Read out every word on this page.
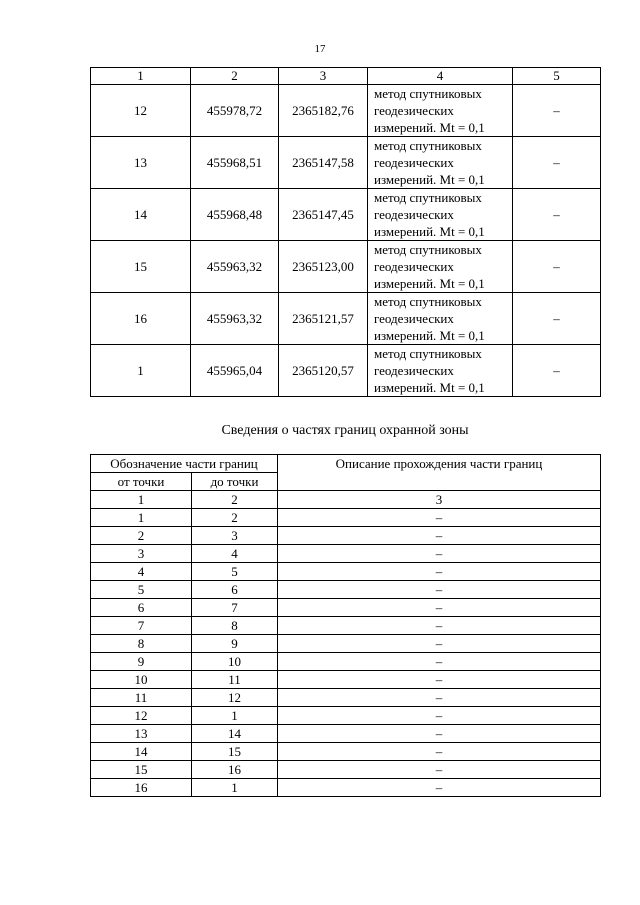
17
1	2	3	4	5
12	455978,72	2365182,76	метод спутниковых
геодезических
измерений. Mt = 0,1	–
13	455968,51	2365147,58	метод спутниковых
геодезических
измерений. Mt = 0,1	–
14	455968,48	2365147,45	метод спутниковых
геодезических
измерений. Mt = 0,1	–
15	455963,32	2365123,00	метод спутниковых
геодезических
измерений. Mt = 0,1	–
16	455963,32	2365121,57	метод спутниковых
геодезических
измерений. Mt = 0,1	–
1	455965,04	2365120,57	метод спутниковых
геодезических
измерений. Mt = 0,1	–
Сведения о частях границ охранной зоны
Обозначение части границ		Описание прохождения части границ
от точки	до точки	
1	2	3
1	2	–
2	3	–
3	4	–
4	5	–
5	6	–
6	7	–
7	8	–
8	9	–
9	10	–
10	11	–
11	12	–
12	1	–
13	14	–
14	15	–
15	16	–
16	1	–
